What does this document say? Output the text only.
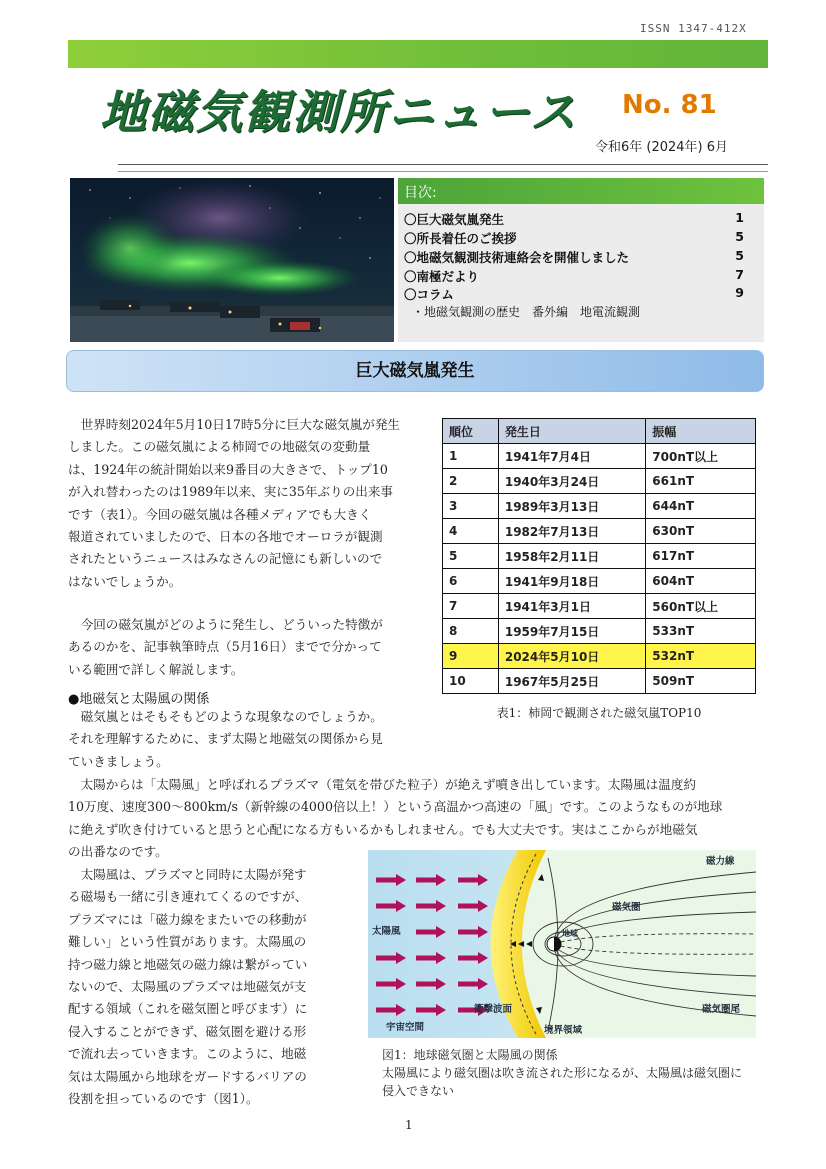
ISSN 1347-412X
地磁気観測所ニュース No. 81
令和6年 (2024年) 6月
目次:
〇巨大磁気嵐発生	1
〇所長着任のご挨拶	5
〇地磁気観測技術連絡会を開催しました	5
〇南極だより	7
〇コラム	9
・地磁気観測の歴史　番外編　地電流観測
巨大磁気嵐発生
　世界時刻2024年5月10日17時5分に巨大な磁気嵐が発生
しました。この磁気嵐による柿岡での地磁気の変動量
は、1924年の統計開始以来9番目の大きさで、トップ10
が入れ替わったのは1989年以来、実に35年ぶりの出来事
です（表1）。今回の磁気嵐は各種メディアでも大きく
報道されていましたので、日本の各地でオーロラが観測
されたというニュースはみなさんの記憶にも新しいので
はないでしょうか。
　今回の磁気嵐がどのように発生し、どういった特徴が
あるのかを、記事執筆時点（5月16日）までで分かって
いる範囲で詳しく解説します。
●地磁気と太陽風の関係
　磁気嵐とはそもそもどのような現象なのでしょうか。
それを理解するために、まず太陽と地磁気の関係から見
ていきましょう。
順位	発生日	振幅
1	1941年7月4日	700nT以上
2	1940年3月24日	661nT
3	1989年3月13日	644nT
4	1982年7月13日	630nT
5	1958年2月11日	617nT
6	1941年9月18日	604nT
7	1941年3月1日	560nT以上
8	1959年7月15日	533nT
9	2024年5月10日	532nT
10	1967年5月25日	509nT
表1：柿岡で観測された磁気嵐TOP10
　太陽からは「太陽風」と呼ばれるプラズマ（電気を帯びた粒子）が絶えず噴き出しています。太陽風は温度約
10万度、速度300～800km/s（新幹線の4000倍以上！）という高温かつ高速の「風」です。このようなものが地球
に絶えず吹き付けていると思うと心配になる方もいるかもしれません。でも大丈夫です。実はここからが地磁気
の出番なのです。
　太陽風は、プラズマと同時に太陽が発す
る磁場も一緒に引き連れてくるのですが、
プラズマには「磁力線をまたいでの移動が
難しい」という性質があります。太陽風の
持つ磁力線と地磁気の磁力線は繋がってい
ないので、太陽風のプラズマは地磁気が支
配する領域（これを磁気圏と呼びます）に
侵入することができず、磁気圏を避ける形
で流れ去っていきます。このように、地磁
気は太陽風から地球をガードするバリアの
役割を担っているのです（図1）。
磁力線
磁気圏
太陽風	地球
磁気圏尾
宇宙空間
衝撃波面
境界領域
図1：地球磁気圏と太陽風の関係
太陽風により磁気圏は吹き流された形になるが、太陽風は磁気圏に侵入できない
1
